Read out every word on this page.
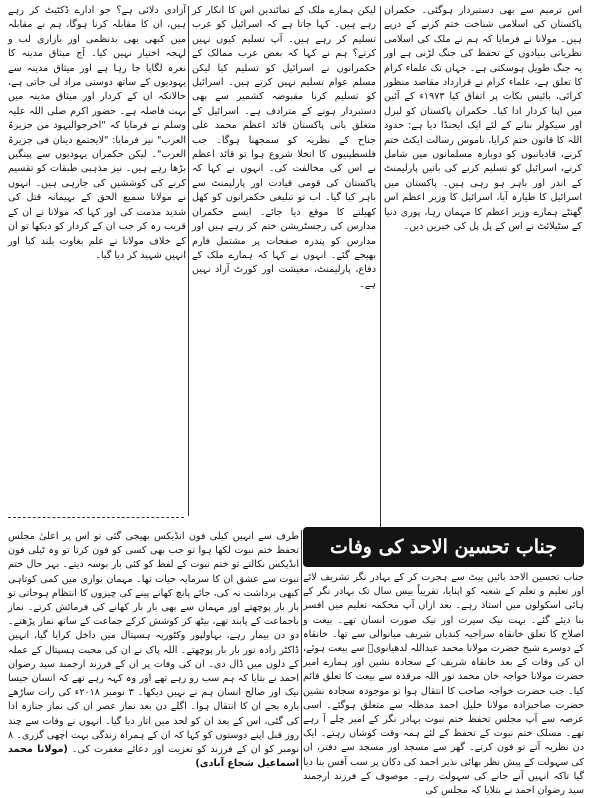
اس ترمیم سے بھی دستبردار ہوگئی۔ حکمران پاکستان کی اسلامی شناخت ختم کرنے کے درپے ہیں۔ مولانا نے فرمایا کہ ہم نے ملک کی اسلامی نظریاتی بنیادوں کے تحفظ کی جنگ لڑنی ہے اور یہ جنگ طویل ہوسکتی ہے۔ جہاں تک علماء کرام کا تعلق ہے، علماء کرام نے قرارداد مقاصد منظور کرائی، بائیس نکات پر اتفاق کیا ۱۹۷۳ء کے آئین میں اپنا کردار ادا کیا۔ حکمران پاکستان کو لبرل اور سیکولر بنانے کے لئے ایک ایجنڈا دیا ہے: حدود اللہ کا قانون ختم کرایا، ناموس رسالت ایکٹ ختم کرنے، قادیانیوں کو دوبارہ مسلمانوں میں شامل کرنے، اسرائیل کو تسلیم کرنے کی باتیں پارلیمنٹ کے اندر اور باہر ہو رہی ہیں۔ پاکستان میں اسرائیل کا طیارہ آیا، اسرائیل کا وزیر اعظم اس گھنٹے ہمارے وزیر اعظم کا مہمان رہا، پوری دنیا کے سٹیلائٹ نے اس کے پل پل کی خبریں دیں۔

لیکن ہمارے ملک کے نمائندین اس کا انکار کر رہے ہیں۔ کہا جاتا ہے کہ اسرائیل کو عرب تسلیم کر رہے ہیں۔ آپ تسلیم کیوں نہیں کرتے؟ ہم نے کہا کہ بعض عرب ممالک کے حکمرانوں نے اسرائیل کو تسلیم کیا لیکن مسلم عوام تسلیم نہیں کرتے ہیں۔ اسرائیل کو تسلیم کرنا مقبوضہ کشمیر سے بھی دستبردار ہونے کے مترادف ہے۔ اسرائیل کے متعلق بانی پاکستان قائد اعظم محمد علی جناح کے نظریہ کو سمجھنا ہوگا۔ جب فلسطینیوں کا انخلا شروع ہوا تو قائد اعظم نے اس کی مخالفت کی۔ انہوں نے کہا کہ پاکستان کی قومی قیادت اور پارلیمنٹ سے باہر کیا گیا۔ اب تو تبلیغی حکمرانوں کو کھل کھیلنے کا موقع دیا جائے۔ ایسے حکمران مدارس کی رجسٹریشن ختم کر رہے ہیں اور مدارس کو پندرہ صفحات پر مشتمل فارم بھیجے گئے۔ انہوں نے کہا کہ ہمارے ملک کے دفاع، پارلیمنٹ، معیشت اور کورٹ آزاد نہیں ہے۔

آزادی دلائی ہے؟ جو ادارے ڈکٹیٹ کر رہے ہیں، ان کا مقابلہ کرنا ہوگا، ہم نے مقابلہ میں کبھی بھی بدنظمی اور بازاری لب و لہجہ اختیار نہیں کیا۔ آج میثاق مدینہ کا نعرہ لگایا جا رہا ہے اور میثاق مدینہ سے یہودیوں کے ساتھ دوستی مراد لی جاتی ہے، حالانکہ ان کے کردار اور میثاق مدینہ میں بہت فاصلہ ہے۔ حضور اکرم صلی اللہ علیہ وسلم نے فرمایا کہ "اخرجوالیہود من جزیرۃ العرب" نیز فرمایا: "لایجتمع دینان فی جزیرۃ العرب"۔ لیکن حکمران یہودیوں سے پینگیں بڑھا رہے ہیں۔ نیز مذہبی طبقات کو تقسیم کرنے کی کوششیں کی جارہی ہیں۔ انہوں نے مولانا سمیع الحق کے بہیمانہ قتل کی شدید مذمت کی اور کہا کہ مولانا نے ان کے قریب رہ کر جب ان کے کردار کو دیکھا تو ان کے خلاف مولانا نے علم بغاوت بلند کیا اور انہیں شہید کر دیا گیا۔

جناب تحسین الاحد کی وفات

جناب تحسین الاحد بائیں پیٹ سے ہجرت کر کے بہادر نگر تشریف لائے اور تعلیم و تعلم کے شعبہ کو اپنایا، تقریباً بیس سال تک بہادر نگر کے ہائی اسکولوں میں استاذ رہے۔ بعد ازاں آپ محکمہ تعلیم میں افسر بنا دیئے گئے۔ بہت نیک سیرت اور نیک صورت انسان تھے۔ بیعت و اصلاح کا تعلق خانقاہ سراجیہ کندیاں شریف میانوالی سے تھا۔ خانقاہ کے دوسرے شیخ حضرت مولانا محمد عبداللہ لدھیانویؒ سے بیعت ہوئے، ان کی وفات کے بعد خانقاہ شریف کے سجادہ نشین اور ہمارے امیر حضرت مولانا خواجہ خان محمد نور اللہ مرقدہ سے بیعت کا تعلق قائم کیا۔ جب حضرت خواجہ صاحب کا انتقال ہوا تو موجودہ سجادہ نشین حضرت صاحبزادہ مولانا خلیل احمد مدظلہ سے متعلق ہوگئے۔ اسی عرصہ سے آپ مجلس تحفظ ختم نبوت بہادر نگر کے امیر چلے آ رہے تھے۔ مسلک ختم نبوت کے تحفظ کے لئے ہمہ وقت کوشاں رہتے۔ ایک دن نظریہ آتے تو فون کرتے۔ گھر سے مسجد اور مسجد سے دفتر، ان کی سہولت کے پیش نظر بھائی نذیر احمد کی دکان پر سب آفس بنا دیا گیا تاکہ انہیں آنے جانے کی سہولت رہے۔ موصوف کے فرزند ارجمند سید رضوان احمد نے بتلایا کہ مجلس کی

طرف سے انہیں کیلی فون انڈیکس بھیجی گئی تو اس پر اعلیٰ مجلس تحفظ ختم نبوت لکھا ہوا تو جب بھی کسی کو فون کرتا تو وہ ٹیلی فون انڈیکس نکالتے تو ختم نبوت کے لفظ کو کئی بار بوسہ دیتے۔ بہر حال ختم نبوت سے عشق ان کا سرمایہ حیات تھا۔ مہمان نوازی میں کمی کوتاہی کبھی برداشت نہ کی، جائے پانچ کھانے پینے کی چیزوں کا انتظام ہوجاتی تو بار بار پوچھتے اور مہمان سے بھی بار بار کھانے کی فرمائش کرتے۔ نماز باجماعت کے پابند تھے، بیٹھ کر کوشش کرکے جماعت کے ساتھ نماز پڑھتے۔ دو دن بیمار رہے، بہاولپور وکٹوریہ ہسپتال میں داخل کرایا گیا، انہیں ڈاکٹر زادہ نور بار بار پوچھتے۔ اللہ پاک نے ان کی محبت ہسپتال کے عملہ کے دلوں میں ڈال دی۔ ان کی وفات پر ان کے فرزند ارجمند سید رضوان احمد نے بتایا کہ ہم سب رو رہے تھے اور وہ کہہ رہے تھے کہ انسان جیسا نیک اور صالح انسان ہم نے نہیں دیکھا۔ ۳ نومبر ۲۰۱۸ء کی رات ساڑھے بارہ بجے ان کا انتقال ہوا۔ اگلے دن بعد نماز عصر ان کی نماز جنازہ ادا کی گئی، اس کے بعد ان کو لحد میں اتار دیا گیا۔ انہوں نے وفات سے چند روز قبل اپنے دوستوں کو کہا کہ ان کے ہمراہ زندگی بہت اچھی گزری۔ ۸ نومبر کو ان کے فرزند کو تعزیت اور دعائے مغفرت کی۔ (مولانا محمد اسماعیل شجاع آبادی)
